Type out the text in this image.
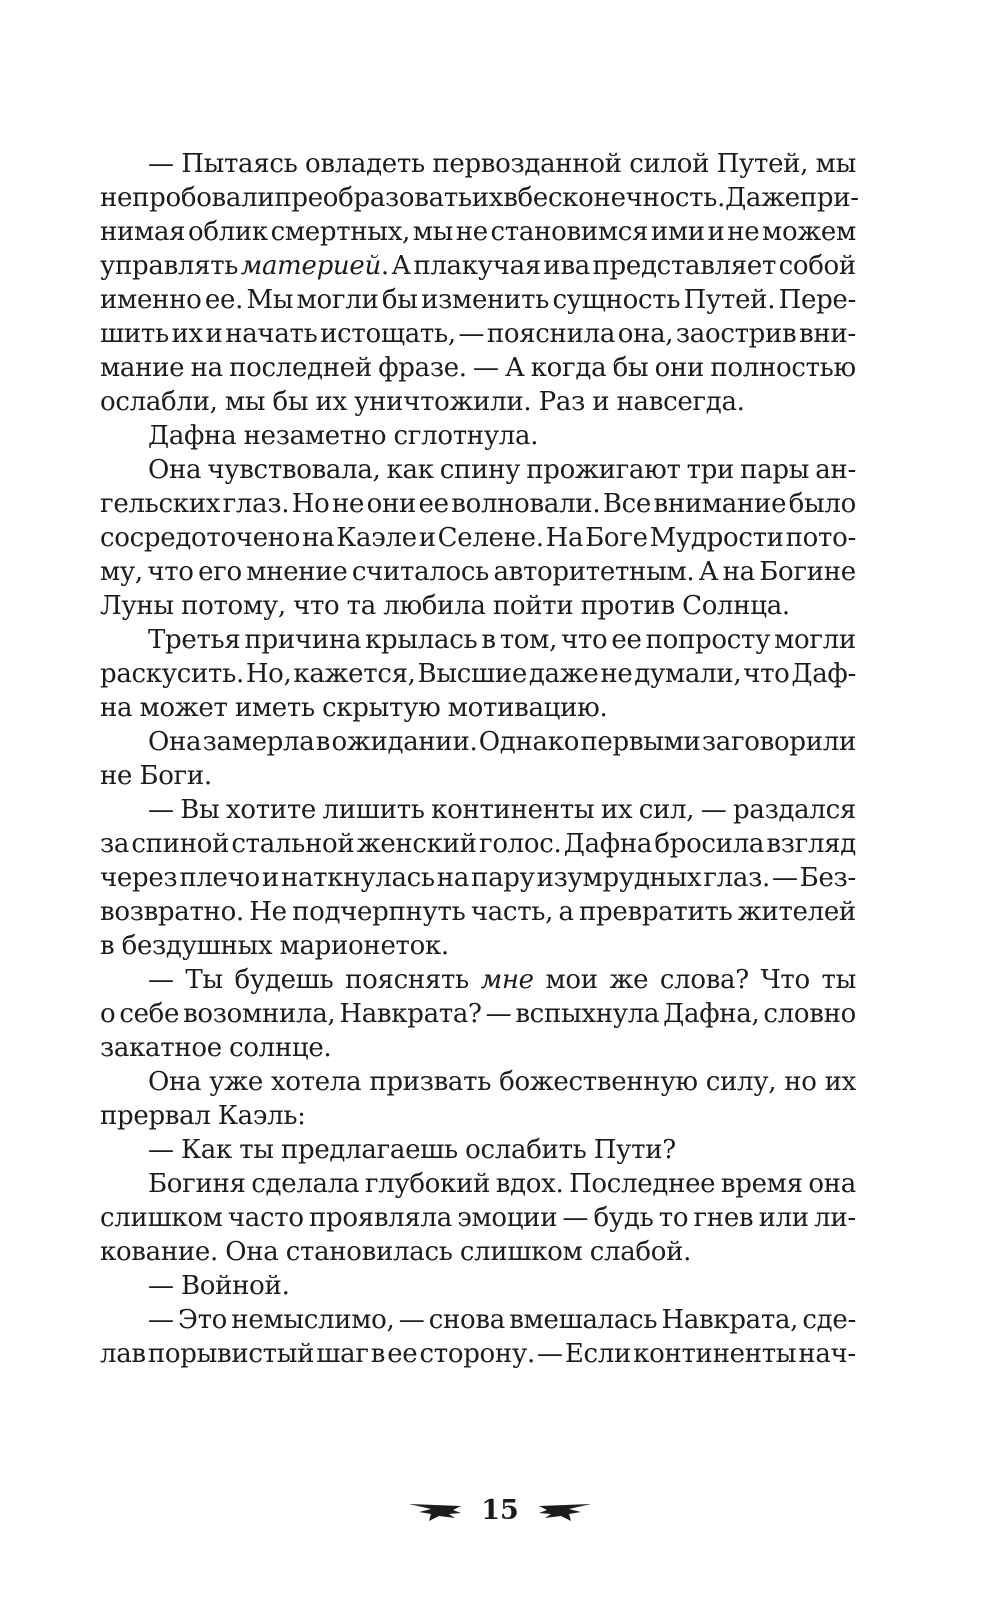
— Пытаясь овладеть первозданной силой Путей, мы
не пробовали преобразовать их в бесконечность. Даже при-
нимая облик смертных, мы не становимся ими и не можем
управлять материей. А плакучая ива представляет собой
именно ее. Мы могли бы изменить сущность Путей. Пере-
шить их и начать истощать, — пояснила она, заострив вни-
мание на последней фразе. — А когда бы они полностью
ослабли, мы бы их уничтожили. Раз и навсегда.
Дафна незаметно сглотнула.
Она чувствовала, как спину прожигают три пары ан-
гельских глаз. Но не они ее волновали. Все внимание было
сосредоточено на Каэле и Селене. На Боге Мудрости пото-
му, что его мнение считалось авторитетным. А на Богине
Луны потому, что та любила пойти против Солнца.
Третья причина крылась в том, что ее попросту могли
раскусить. Но, кажется, Высшие даже не думали, что Даф-
на может иметь скрытую мотивацию.
Она замерла в ожидании. Однако первыми заговорили
не Боги.
— Вы хотите лишить континенты их сил, — раздался
за спиной стальной женский голос. Дафна бросила взгляд
через плечо и наткнулась на пару изумрудных глаз. — Без-
возвратно. Не подчерпнуть часть, а превратить жителей
в бездушных марионеток.
— Ты будешь пояснять мне мои же слова? Что ты
о себе возомнила, Навкрата? — вспыхнула Дафна, словно
закатное солнце.
Она уже хотела призвать божественную силу, но их
прервал Каэль:
— Как ты предлагаешь ослабить Пути?
Богиня сделала глубокий вдох. Последнее время она
слишком часто проявляла эмоции — будь то гнев или ли-
кование. Она становилась слишком слабой.
— Войной.
— Это немыслимо, — снова вмешалась Навкрата, сде-
лав порывистый шаг в ее сторону. — Если континенты нач-
15
